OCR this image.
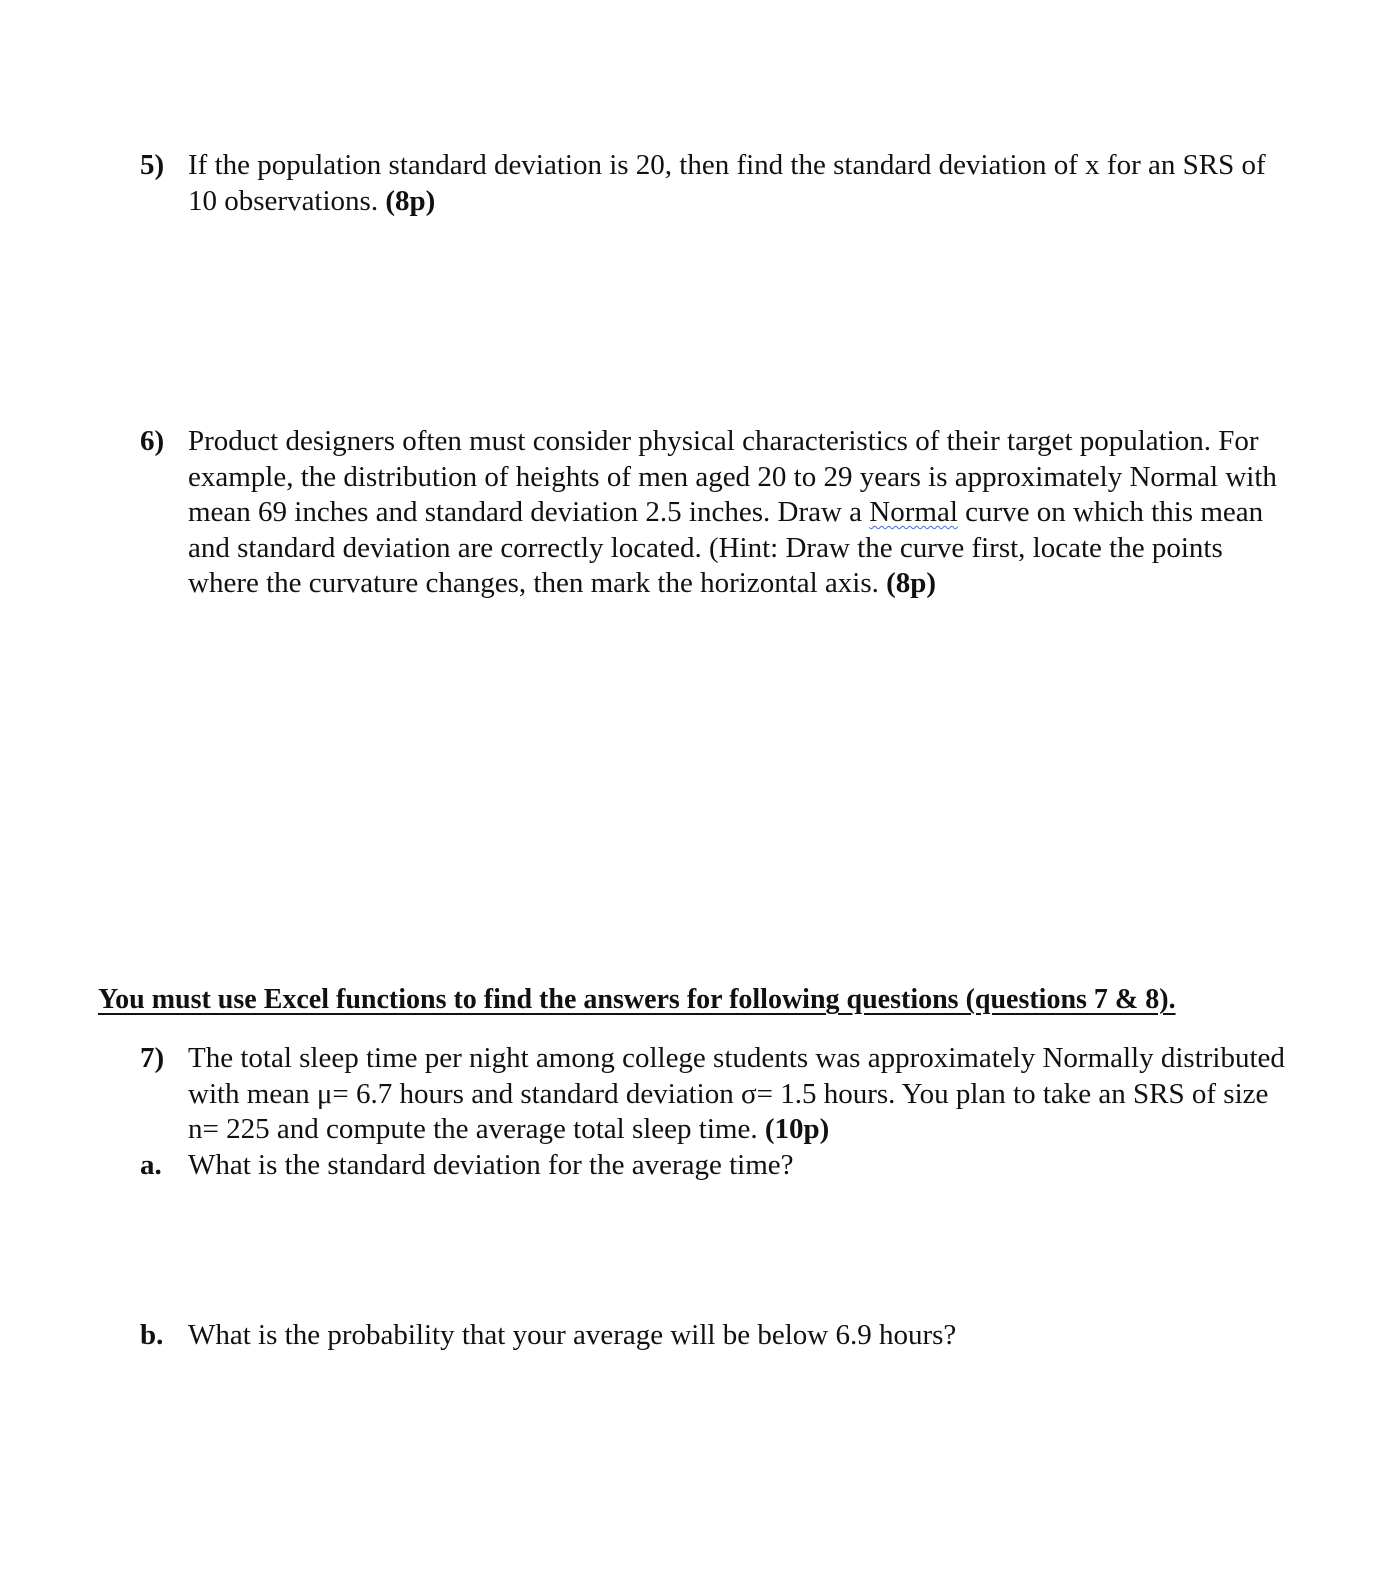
5) If the population standard deviation is 20, then find the standard deviation of x for an SRS of 10 observations. (8p)
6) Product designers often must consider physical characteristics of their target population. For example, the distribution of heights of men aged 20 to 29 years is approximately Normal with mean 69 inches and standard deviation 2.5 inches. Draw a Normal curve on which this mean and standard deviation are correctly located. (Hint: Draw the curve first, locate the points where the curvature changes, then mark the horizontal axis. (8p)
You must use Excel functions to find the answers for following questions (questions 7 & 8).
7) The total sleep time per night among college students was approximately Normally distributed with mean μ= 6.7 hours and standard deviation σ= 1.5 hours. You plan to take an SRS of size n= 225 and compute the average total sleep time. (10p)
a. What is the standard deviation for the average time?
b. What is the probability that your average will be below 6.9 hours?
